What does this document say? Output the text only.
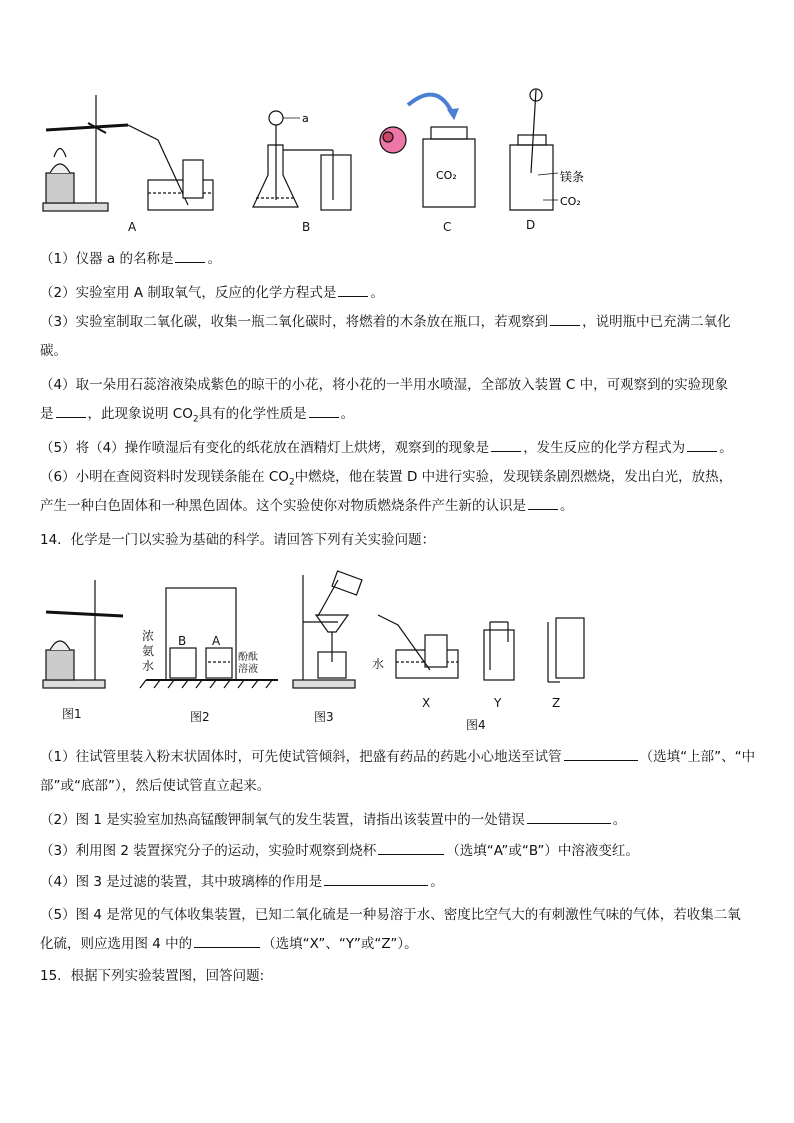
a
CO₂	镁条
CO₂
A	B	C	D
（1）仪器 a 的名称是	。
（2）实验室用 A 制取氧气，反应的化学方程式是	。
（3）实验室制取二氧化碳，收集一瓶二氧化碳时，将燃着的木条放在瓶口，若观察到	，说明瓶中已充满二氧化
碳。
（4）取一朵用石蕊溶液染成紫色的晾干的小花，将小花的一半用水喷湿，全部放入装置 C 中，可观察到的实验现象
是	，此现象说明 $CO_2$具有的化学性质是	。
（5）将（4）操作喷湿后有变化的纸花放在酒精灯上烘烤，观察到的现象是	，发生反应的化学方程式为	。
（6）小明在查阅资料时发现镁条能在 $CO_2$中燃烧，他在装置 D 中进行实验，发现镁条剧烈燃烧，发出白光，放热，
产生一种白色固体和一种黑色固体。这个实验使你对物质燃烧条件产生新的认识是	。
14．化学是一门以实验为基础的科学。请回答下列有关实验问题：
浓
氨
水
B A
酚酞
溶液	水
图1	图2	图3
X	Y	Z
图4
（1）往试管里装入粉末状固体时，可先使试管倾斜，把盛有药品的药匙小心地送至试管	（选填“上部”、“中
部”或“底部”），然后使试管直立起来。
（2）图 1 是实验室加热高锰酸钾制氧气的发生装置，请指出该装置中的一处错误	。
（3）利用图 2 装置探究分子的运动，实验时观察到烧杯	（选填“A”或“B”）中溶液变红。
（4）图 3 是过滤的装置，其中玻璃棒的作用是	。
（5）图 4 是常见的气体收集装置，已知二氧化硫是一种易溶于水、密度比空气大的有刺激性气味的气体，若收集二氧
化硫，则应选用图 4 中的	（选填“X”、“Y”或“Z”）。
15．根据下列实验装置图，回答问题:
